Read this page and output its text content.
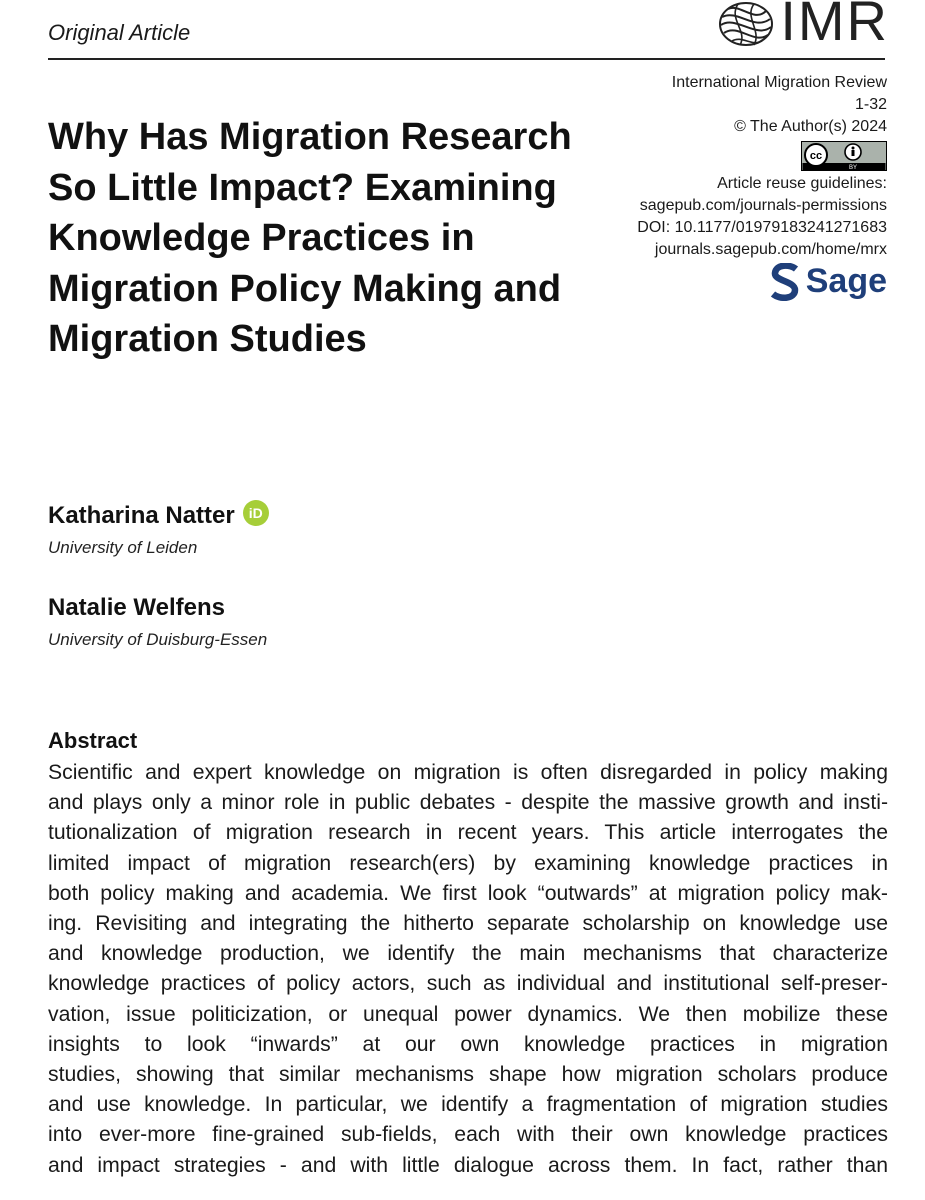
Original Article	IMR
International Migration Review
1-32
© The Author(s) 2024
cc
BY
Article reuse guidelines:
sagepub.com/journals-permissions
DOI: 10.1177/01979183241271683
journals.sagepub.com/home/mrx
Sage
Why Has Migration Research So Little Impact? Examining Knowledge Practices in Migration Policy Making and Migration Studies
Katharina Natter	iD
University of Leiden
Natalie Welfens
University of Duisburg-Essen
Abstract
Scientific and expert knowledge on migration is often disregarded in policy making
and plays only a minor role in public debates - despite the massive growth and insti-
tutionalization of migration research in recent years. This article interrogates the
limited impact of migration research(ers) by examining knowledge practices in
both policy making and academia. We first look “outwards” at migration policy mak-
ing. Revisiting and integrating the hitherto separate scholarship on knowledge use
and knowledge production, we identify the main mechanisms that characterize
knowledge practices of policy actors, such as individual and institutional self-preser-
vation, issue politicization, or unequal power dynamics. We then mobilize these
insights to look “inwards” at our own knowledge practices in migration
studies, showing that similar mechanisms shape how migration scholars produce
and use knowledge. In particular, we identify a fragmentation of migration studies
into ever-more fine-grained sub-fields, each with their own knowledge practices
and impact strategies - and with little dialogue across them. In fact, rather than
